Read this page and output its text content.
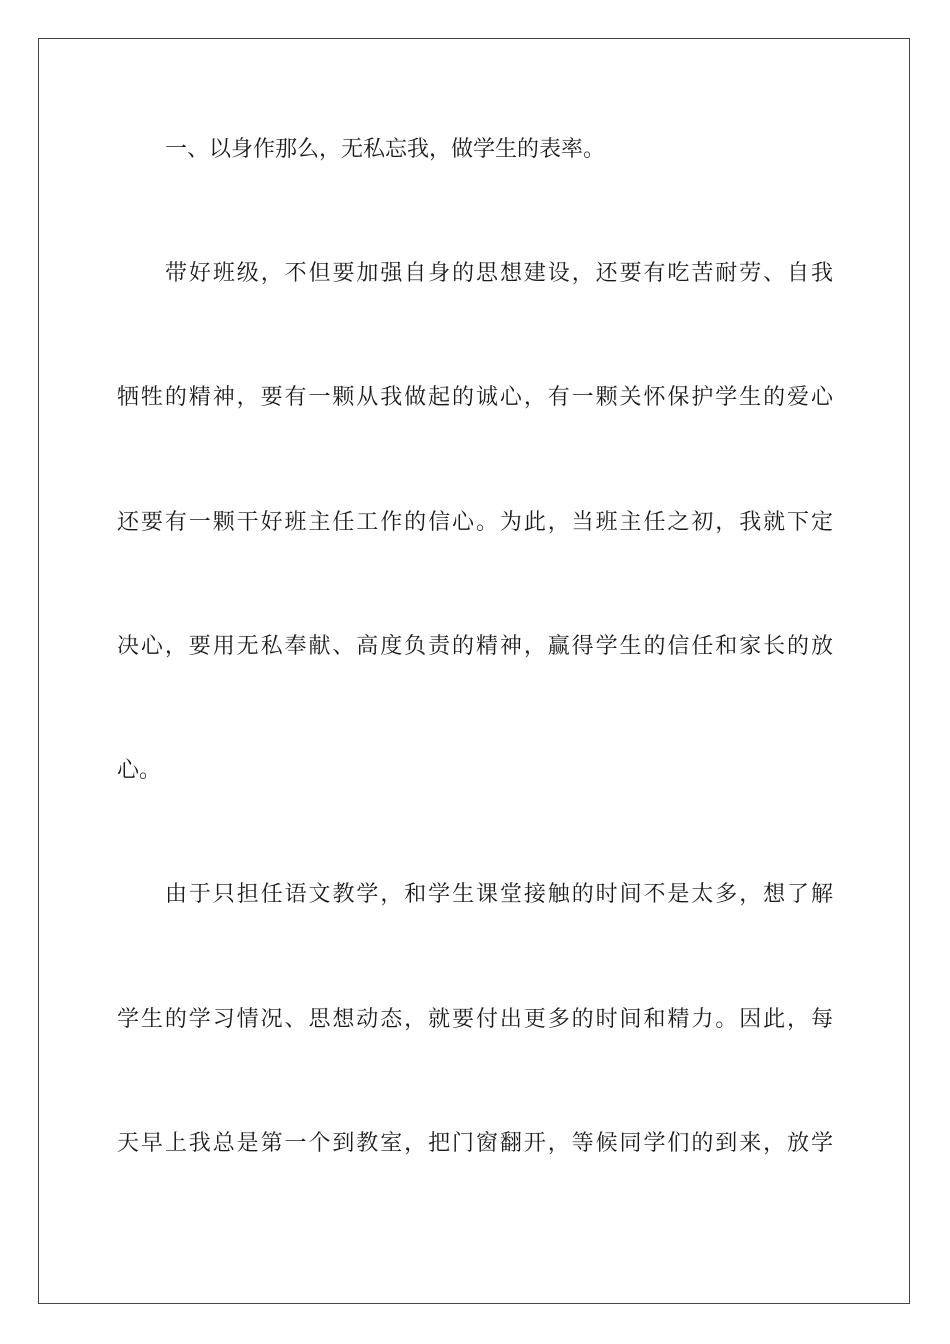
一、以身作那么，无私忘我，做学生的表率。

带好班级，不但要加强自身的思想建设，还要有吃苦耐劳、自我

牺牲的精神，要有一颗从我做起的诚心，有一颗关怀保护学生的爱心

还要有一颗干好班主任工作的信心。为此，当班主任之初，我就下定

决心，要用无私奉献、高度负责的精神，赢得学生的信任和家长的放

心。

由于只担任语文教学，和学生课堂接触的时间不是太多，想了解

学生的学习情况、思想动态，就要付出更多的时间和精力。因此，每

天早上我总是第一个到教室，把门窗翻开，等候同学们的到来，放学
